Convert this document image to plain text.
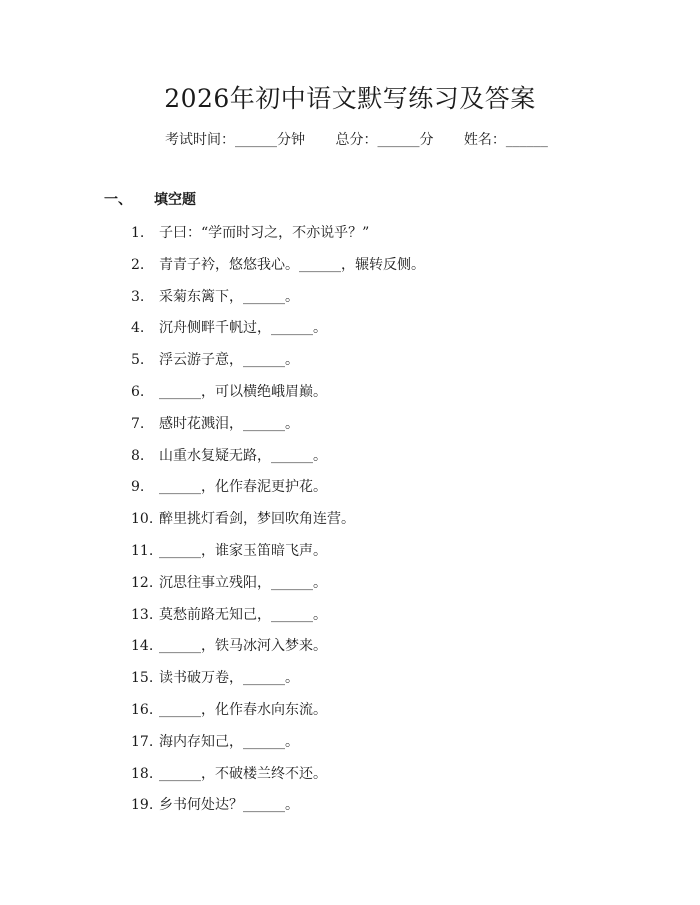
2026年初中语文默写练习及答案
考试时间：______分钟 总分：______分 姓名：______
一、 填空题
1.	子曰：“学而时习之，不亦说乎？”
2.	青青子衿，悠悠我心。______，辗转反侧。
3.	采菊东篱下，______。
4.	沉舟侧畔千帆过，______。
5.	浮云游子意，______。
6.	______，可以横绝峨眉巅。
7.	感时花溅泪，______。
8.	山重水复疑无路，______。
9.	______，化作春泥更护花。
10. 醉里挑灯看剑，梦回吹角连营。
11. ______，谁家玉笛暗飞声。
12. 沉思往事立残阳，______。
13. 莫愁前路无知己，______。
14. ______，铁马冰河入梦来。
15. 读书破万卷，______。
16. ______，化作春水向东流。
17. 海内存知己，______。
18. ______，不破楼兰终不还。
19. 乡书何处达？______。
